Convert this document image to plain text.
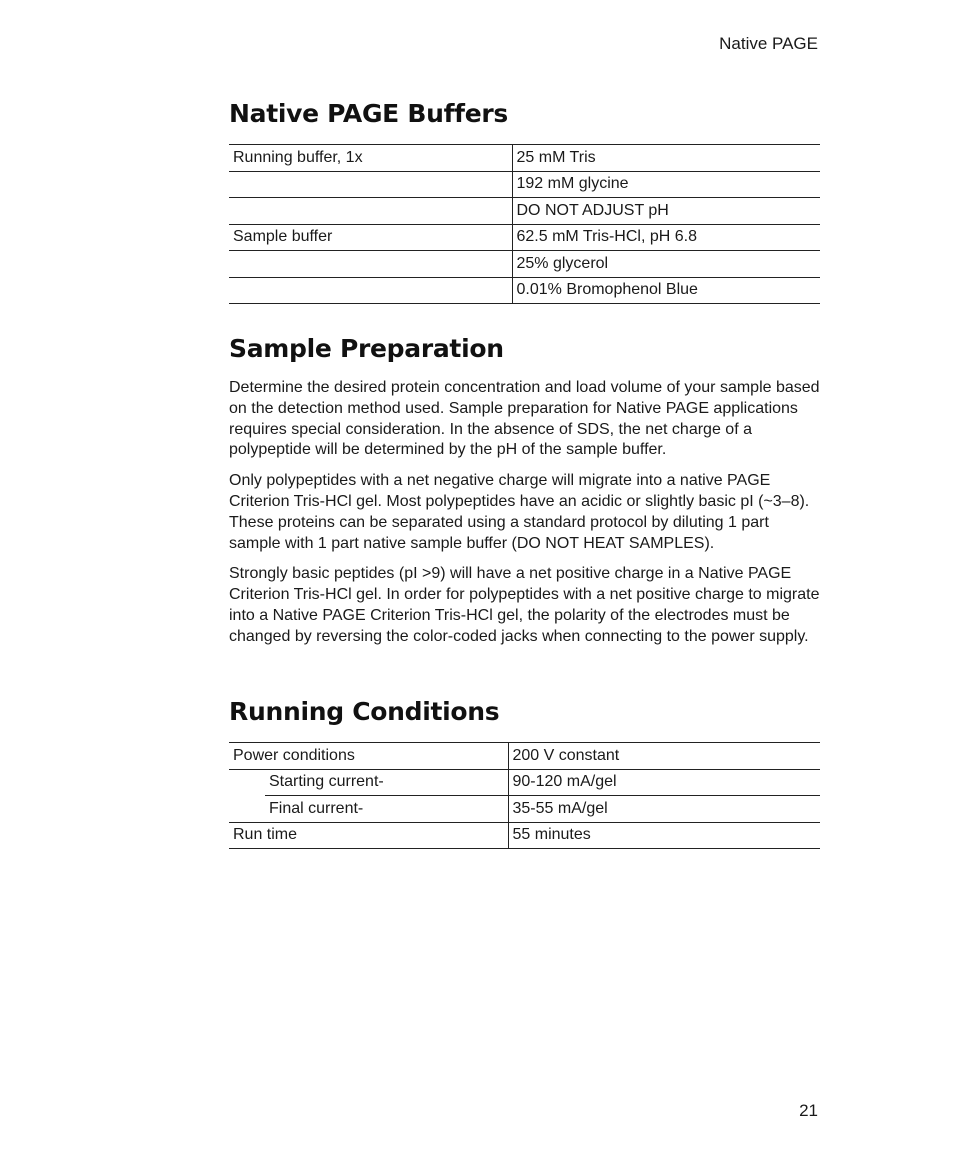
Native PAGE
Native PAGE Buffers
Running buffer, 1x	25 mM Tris
	192 mM glycine
	DO NOT ADJUST pH
Sample buffer	62.5 mM Tris-HCl, pH 6.8
	25% glycerol
	0.01% Bromophenol Blue
Sample Preparation

Determine the desired protein concentration and load volume of your sample based on the detection method used. Sample preparation for Native PAGE applications requires special consideration. In the absence of SDS, the net charge of a polypeptide will be determined by the pH of the sample buffer.

Only polypeptides with a net negative charge will migrate into a native PAGE Criterion Tris-HCl gel. Most polypeptides have an acidic or slightly basic pI (~3–8). These proteins can be separated using a standard protocol by diluting 1 part sample with 1 part native sample buffer (DO NOT HEAT SAMPLES).

Strongly basic peptides (pI >9) will have a net positive charge in a Native PAGE Criterion Tris-HCl gel. In order for polypeptides with a net positive charge to migrate into a Native PAGE Criterion Tris-HCl gel, the polarity of the electrodes must be changed by reversing the color-coded jacks when connecting to the power supply.

Running Conditions
Power conditions		200 V constant
	Starting current-	90-120 mA/gel
	Final current-	35-55 mA/gel
Run time		55 minutes
21
